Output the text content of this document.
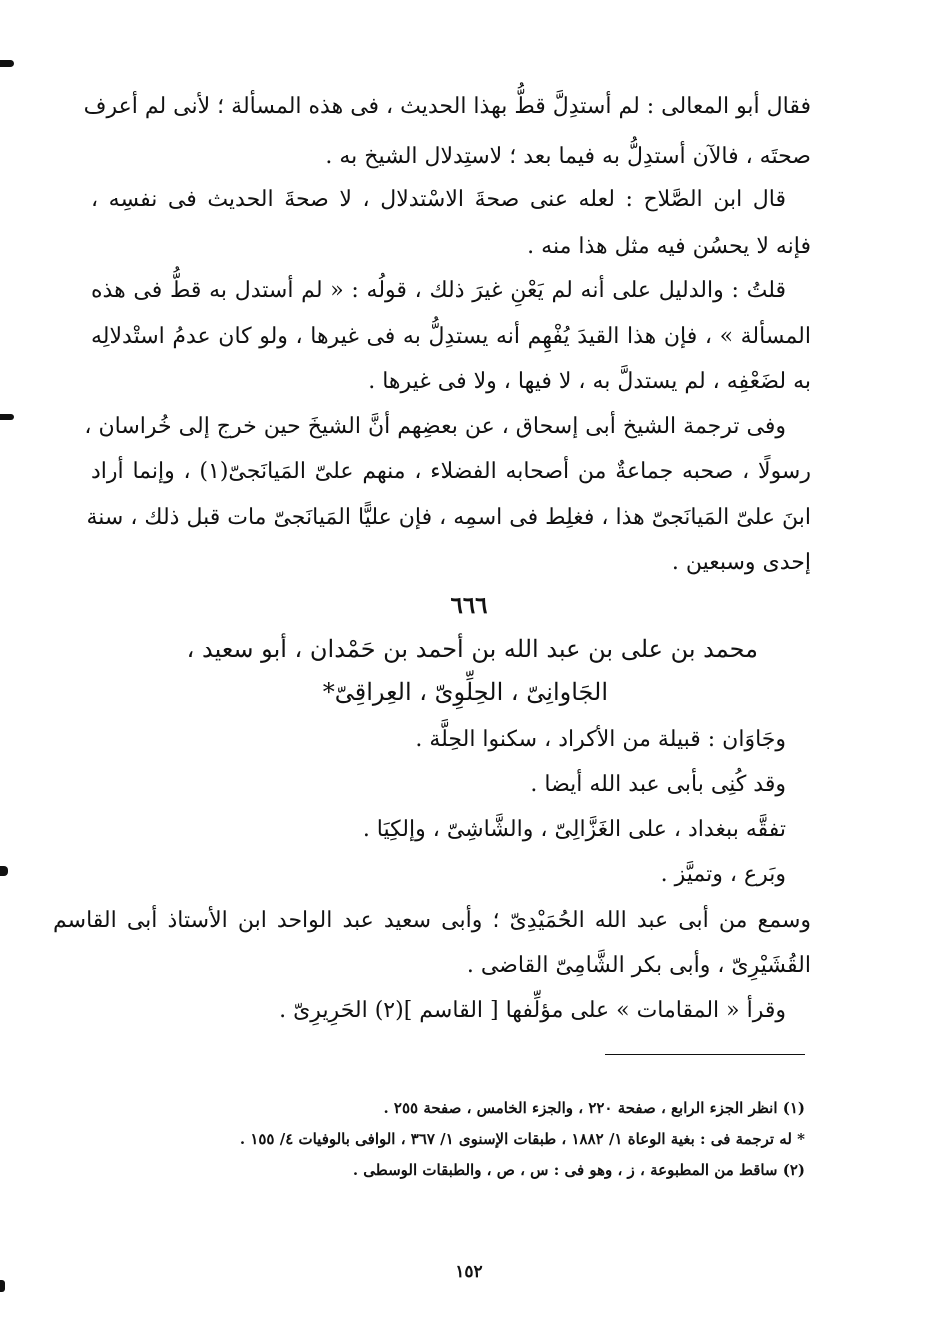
فقال أبو المعالى : لم أستدِلَّ قطُّ بهذا الحديث ، فى هذه المسألة ؛ لأنى لم أعرف
صحتَه ، فالآن أستدِلُّ به فيما بعد ؛ لاستِدلال الشيخ به .
قال ابن الصَّلاح : لعله عنى صحةَ الاسْتدلال ، لا صحةَ الحديث فى نفسِه ،
فإنه لا يحسُن فيه مثل هذا منه .
قلتُ : والدليل على أنه لم يَعْنِ غيرَ ذلك ، قولُه : « لم أستدل به قطُّ فى هذه
المسألة » ، فإن هذا القيدَ يُفْهِم أنه يستدِلُّ به فى غيرها ، ولو كان عدمُ استْدلالِه
به لضَعْفِه ، لم يستدلَّ به ، لا فيها ، ولا فى غيرها .
وفى ترجمة الشيخ أبى إسحاق ، عن بعضِهم أنَّ الشيخَ حين خرج إلى خُراسان ،
رسولًا ، صحبه جماعةٌ من أصحابه الفضلاء ، منهم علىّ المَيانَجىّ(١) ، وإنما أراد
ابنَ علىّ المَيانَجىّ هذا ، فغلِط فى اسمِه ، فإن عليًّا المَيانَجىّ مات قبل ذلك ، سنة
إحدى وسبعين .
٦٦٦
محمد بن على بن عبد الله بن أحمد بن حَمْدان ، أبو سعيد ،
الجَاوانِىّ ، الحِلِّوِىّ ، العِراقِىّ*
وجَاوَان : قبيلة من الأكراد ، سكنوا الحِلَّة .
وقد كُنِى بأبى عبد الله أيضا .
تفقَّه ببغداد ، على الغَزَّالِىّ ، والشَّاشِىّ ، وإلكِيَا .
وبَرع ، وتميَّز .
وسمع من أبى عبد الله الحُمَيْدِىّ ؛ وأبى سعيد عبد الواحد ابن الأستاذ أبى القاسم
القُشَيْرِىّ ، وأبى بكر الشَّامِىّ القاضى .
وقرأ « المقامات » على مؤلِّفها [ القاسم ](٢) الحَرِيرِىّ .
(١) انظر الجزء الرابع ، صفحة ٢٢٠ ، والجزء الخامس ، صفحة ٢٥٥ .
* له ترجمة فى : بغية الوعاة ١/ ١٨٨٢ ، طبقات الإسنوى ١/ ٣٦٧ ، الوافى بالوفيات ٤/ ١٥٥ .
(٢) ساقط من المطبوعة ، ز ، وهو فى : س ، ص ، والطبقات الوسطى .
١٥٢
